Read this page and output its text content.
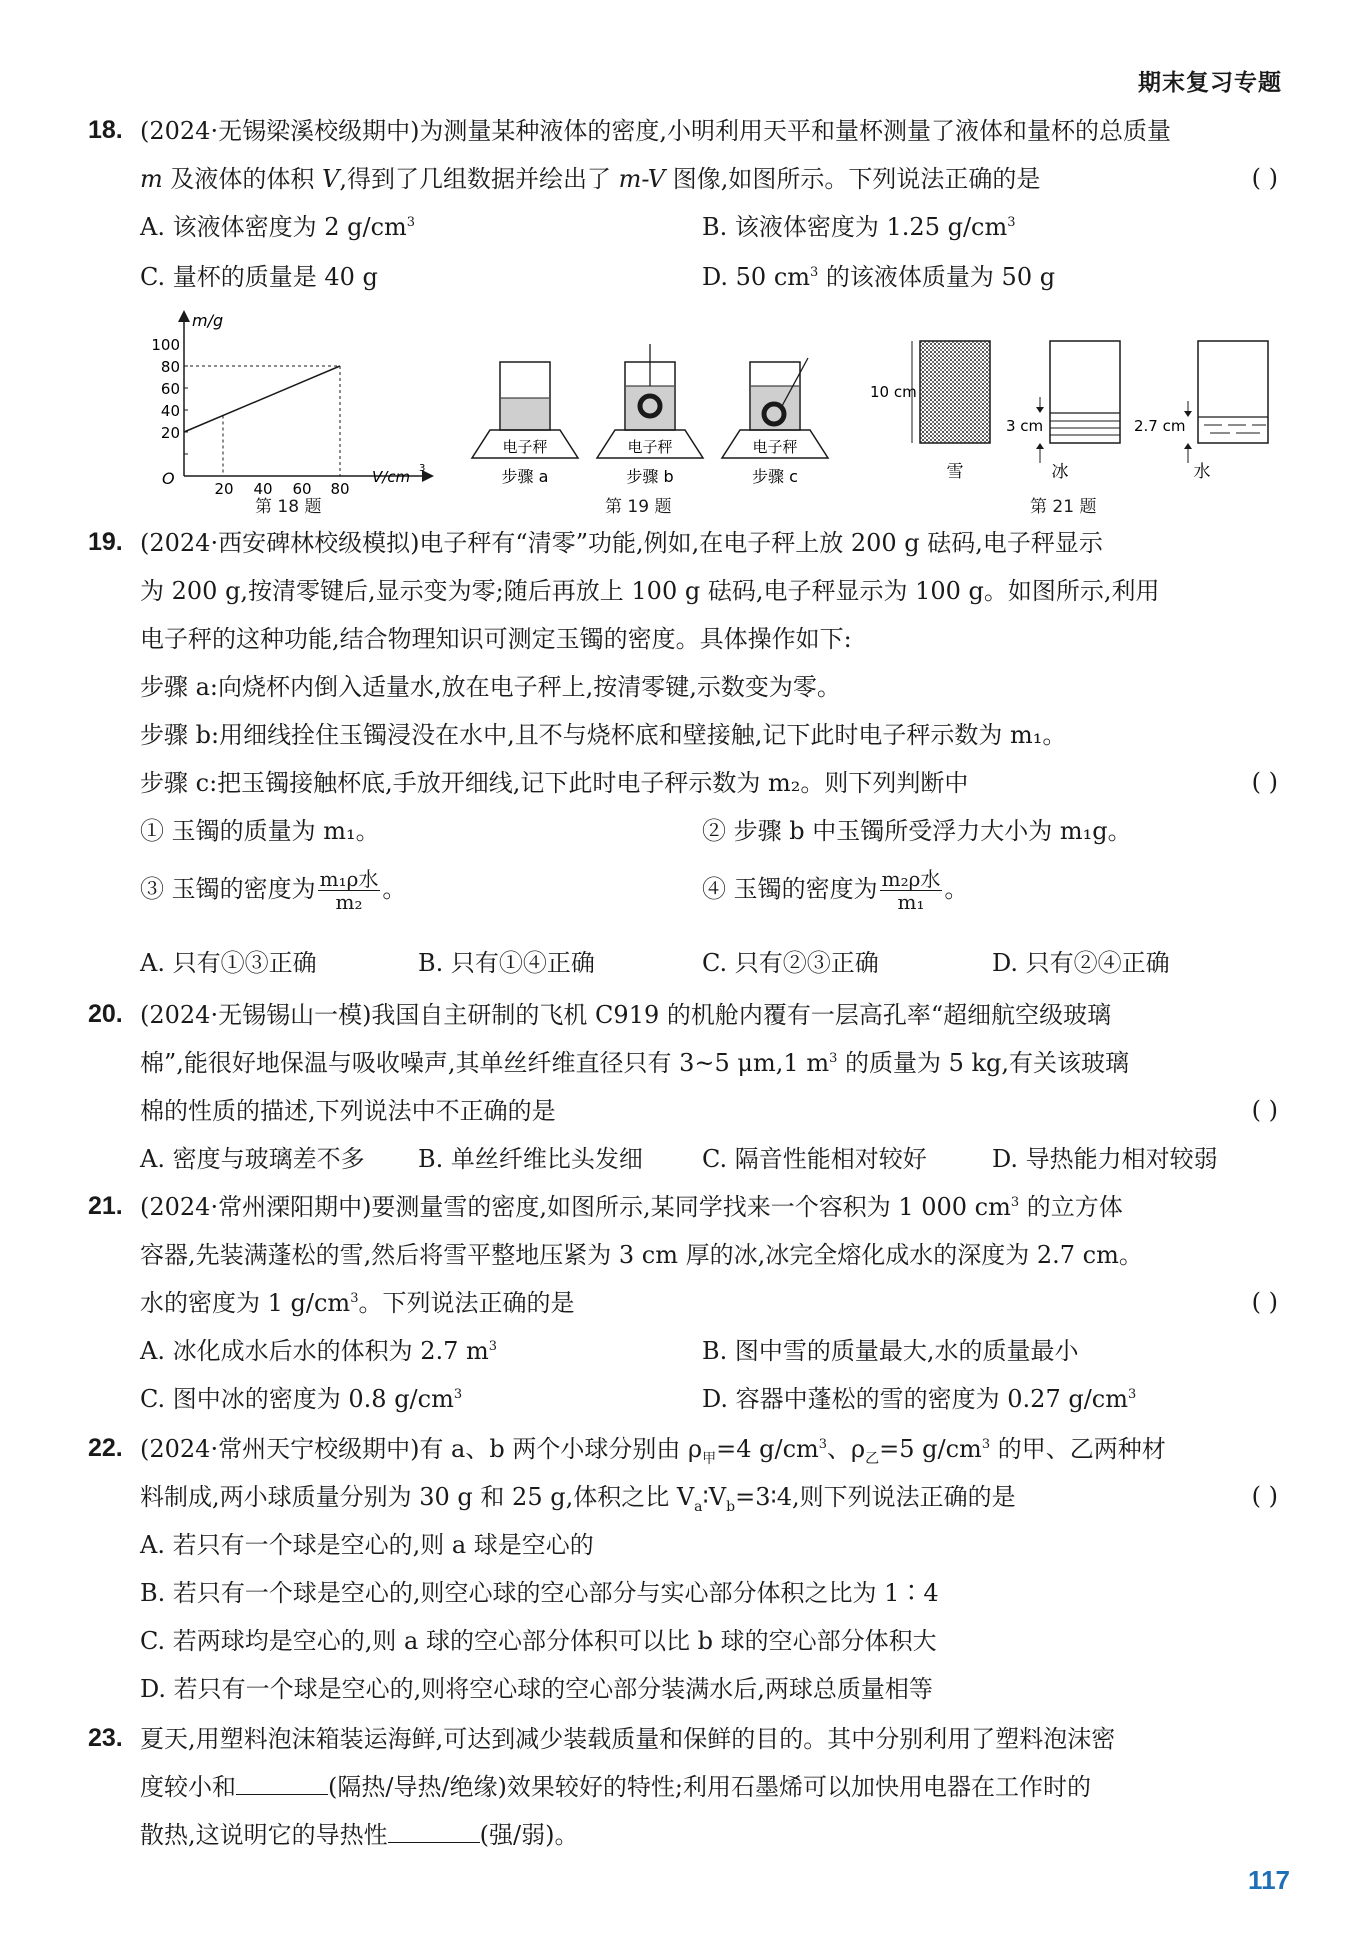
期末复习专题
18. (2024·无锡梁溪校级期中)为测量某种液体的密度,小明利用天平和量杯测量了液体和量杯的总质量
m 及液体的体积 V,得到了几组数据并绘出了 m-V 图像,如图所示。下列说法正确的是	( )
A. 该液体密度为 2 $g/cm^3$	B. 该液体密度为 1.25 $g/cm^3$
C. 量杯的质量是 40 g	D. 50 $cm^3$ 的该液体质量为 50 g
m/g
O	V/cm 3
100
80
60
40
20
20 40 60 80
第 18 题
电子秤
步骤 a
电子秤
步骤 b
电子秤
步骤 c
第 19 题
10 cm
雪
3 cm
冰
2.7 cm
水
第 21 题
19. (2024·西安碑林校级模拟)电子秤有“清零”功能,例如,在电子秤上放 200 g 砝码,电子秤显示
为 200 g,按清零键后,显示变为零;随后再放上 100 g 砝码,电子秤显示为 100 g。如图所示,利用
电子秤的这种功能,结合物理知识可测定玉镯的密度。具体操作如下:
步骤 a:向烧杯内倒入适量水,放在电子秤上,按清零键,示数变为零。
步骤 b:用细线拴住玉镯浸没在水中,且不与烧杯底和壁接触,记下此时电子秤示数为 m₁。
步骤 c:把玉镯接触杯底,手放开细线,记下此时电子秤示数为 m₂。则下列判断中	( )
① 玉镯的质量为 m₁。	② 步骤 b 中玉镯所受浮力大小为 m₁g。
③ 玉镯的密度为 $\frac{\text{m₁ρ水}}{\text{m₂}}$ 。	④ 玉镯的密度为 $\frac{\text{m₂ρ水}}{\text{m₁}}$ 。
A. 只有①③正确	B. 只有①④正确	C. 只有②③正确	D. 只有②④正确
20. (2024·无锡锡山一模)我国自主研制的飞机 C919 的机舱内覆有一层高孔率“超细航空级玻璃
棉”,能很好地保温与吸收噪声,其单丝纤维直径只有 3~5 μm,1 $m^3$ 的质量为 5 kg,有关该玻璃
棉的性质的描述,下列说法中不正确的是	( )
A. 密度与玻璃差不多 B. 单丝纤维比头发细 C. 隔音性能相对较好	D. 导热能力相对较弱
21. (2024·常州溧阳期中)要测量雪的密度,如图所示,某同学找来一个容积为 1 000 $cm^3$ 的立方体
容器,先装满蓬松的雪,然后将雪平整地压紧为 3 cm 厚的冰,冰完全熔化成水的深度为 2.7 cm。
水的密度为 1 $g/cm^3$。下列说法正确的是	( )
A. 冰化成水后水的体积为 2.7 $m^3$	B. 图中雪的质量最大,水的质量最小
C. 图中冰的密度为 0.8 $g/cm^3$	D. 容器中蓬松的雪的密度为 0.27 $g/cm^3$
22. (2024·常州天宁校级期中)有 a、b 两个小球分别由 $\rho_甲=4$ $g/cm^3$、$\rho_乙=5$ $g/cm^3$ 的甲、乙两种材
料制成,两小球质量分别为 30 g 和 25 g,体积之比 $V_a∶V_b=3∶4$,则下列说法正确的是	( )
A. 若只有一个球是空心的,则 a 球是空心的
B. 若只有一个球是空心的,则空心球的空心部分与实心部分体积之比为 1∶4
C. 若两球均是空心的,则 a 球的空心部分体积可以比 b 球的空心部分体积大
D. 若只有一个球是空心的,则将空心球的空心部分装满水后,两球总质量相等
23. 夏天,用塑料泡沫箱装运海鲜,可达到减少装载质量和保鲜的目的。其中分别利用了塑料泡沫密
度较小和	(隔热/导热/绝缘)效果较好的特性;利用石墨烯可以加快用电器在工作时的
散热,这说明它的导热性	(强/弱)。
117
